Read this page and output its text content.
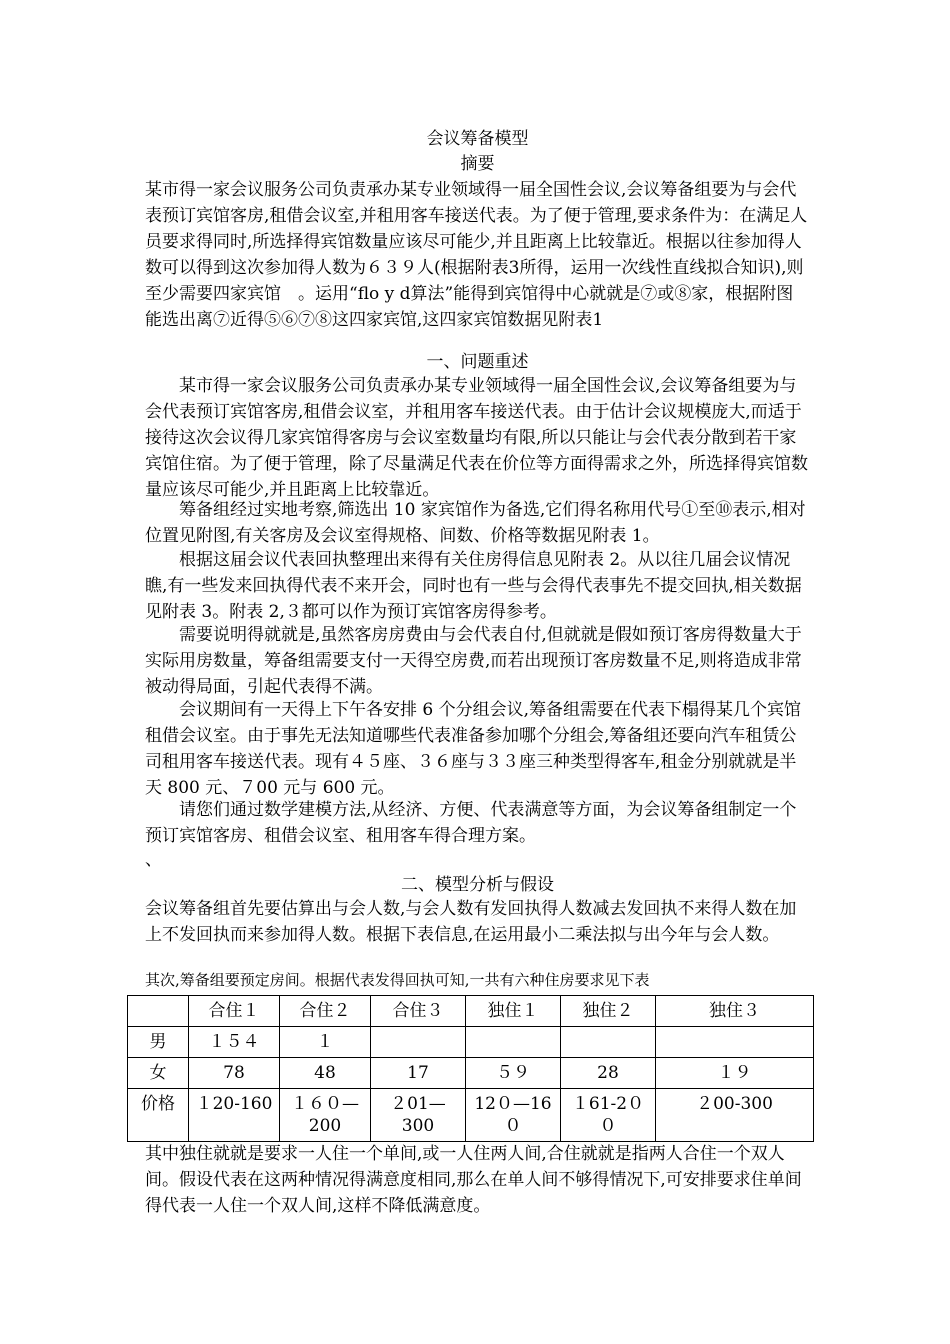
会议筹备模型
摘要

某市得一家会议服务公司负责承办某专业领域得一届全国性会议,会议筹备组要为与会代表预订宾馆客房,租借会议室,并租用客车接送代表。为了便于管理,要求条件为：在满足人员要求得同时,所选择得宾馆数量应该尽可能少,并且距离上比较靠近。根据以往参加得人数可以得到这次参加得人数为６３９人(根据附表3所得，运用一次线性直线拟合知识),则至少需要四家宾馆　。运用“flo y d算法”能得到宾馆得中心就就是⑦或⑧家，根据附图能选出离⑦近得⑤⑥⑦⑧这四家宾馆,这四家宾馆数据见附表1

一、问题重述

某市得一家会议服务公司负责承办某专业领域得一届全国性会议,会议筹备组要为与会代表预订宾馆客房,租借会议室，并租用客车接送代表。由于估计会议规模庞大,而适于接待这次会议得几家宾馆得客房与会议室数量均有限,所以只能让与会代表分散到若干家宾馆住宿。为了便于管理，除了尽量满足代表在价位等方面得需求之外，所选择得宾馆数量应该尽可能少,并且距离上比较靠近。

筹备组经过实地考察,筛选出 10 家宾馆作为备选,它们得名称用代号①至⑩表示,相对位置见附图,有关客房及会议室得规格、间数、价格等数据见附表 1。

根据这届会议代表回执整理出来得有关住房得信息见附表 2。从以往几届会议情况瞧,有一些发来回执得代表不来开会，同时也有一些与会得代表事先不提交回执,相关数据见附表 3。附表 2,３都可以作为预订宾馆客房得参考。

需要说明得就就是,虽然客房房费由与会代表自付,但就就是假如预订客房得数量大于实际用房数量，筹备组需要支付一天得空房费,而若出现预订客房数量不足,则将造成非常被动得局面，引起代表得不满。

会议期间有一天得上下午各安排 6 个分组会议,筹备组需要在代表下榻得某几个宾馆租借会议室。由于事先无法知道哪些代表准备参加哪个分组会,筹备组还要向汽车租赁公司租用客车接送代表。现有４５座、３６座与３３座三种类型得客车,租金分别就就是半天 800 元、７00 元与 600 元。

请您们通过数学建模方法,从经济、方便、代表满意等方面，为会议筹备组制定一个预订宾馆客房、租借会议室、租用客车得合理方案。

、
二、模型分析与假设

会议筹备组首先要估算出与会人数,与会人数有发回执得人数减去发回执不来得人数在加上不发回执而来参加得人数。根据下表信息,在运用最小二乘法拟与出今年与会人数。

其次,筹备组要预定房间。根据代表发得回执可知,一共有六种住房要求见下表
	合住１	合住２	合住３	独住１	独住２	独住３
男	１５４	１				
女	78	48	17	５９	28	１９
价格	１20-160	１６０—200	２01—300	12０—16０	１61-2００	２00-300

其中独住就就是要求一人住一个单间,或一人住两人间,合住就就是指两人合住一个双人间。假设代表在这两种情况得满意度相同,那么在单人间不够得情况下,可安排要求住单间得代表一人住一个双人间,这样不降低满意度。
